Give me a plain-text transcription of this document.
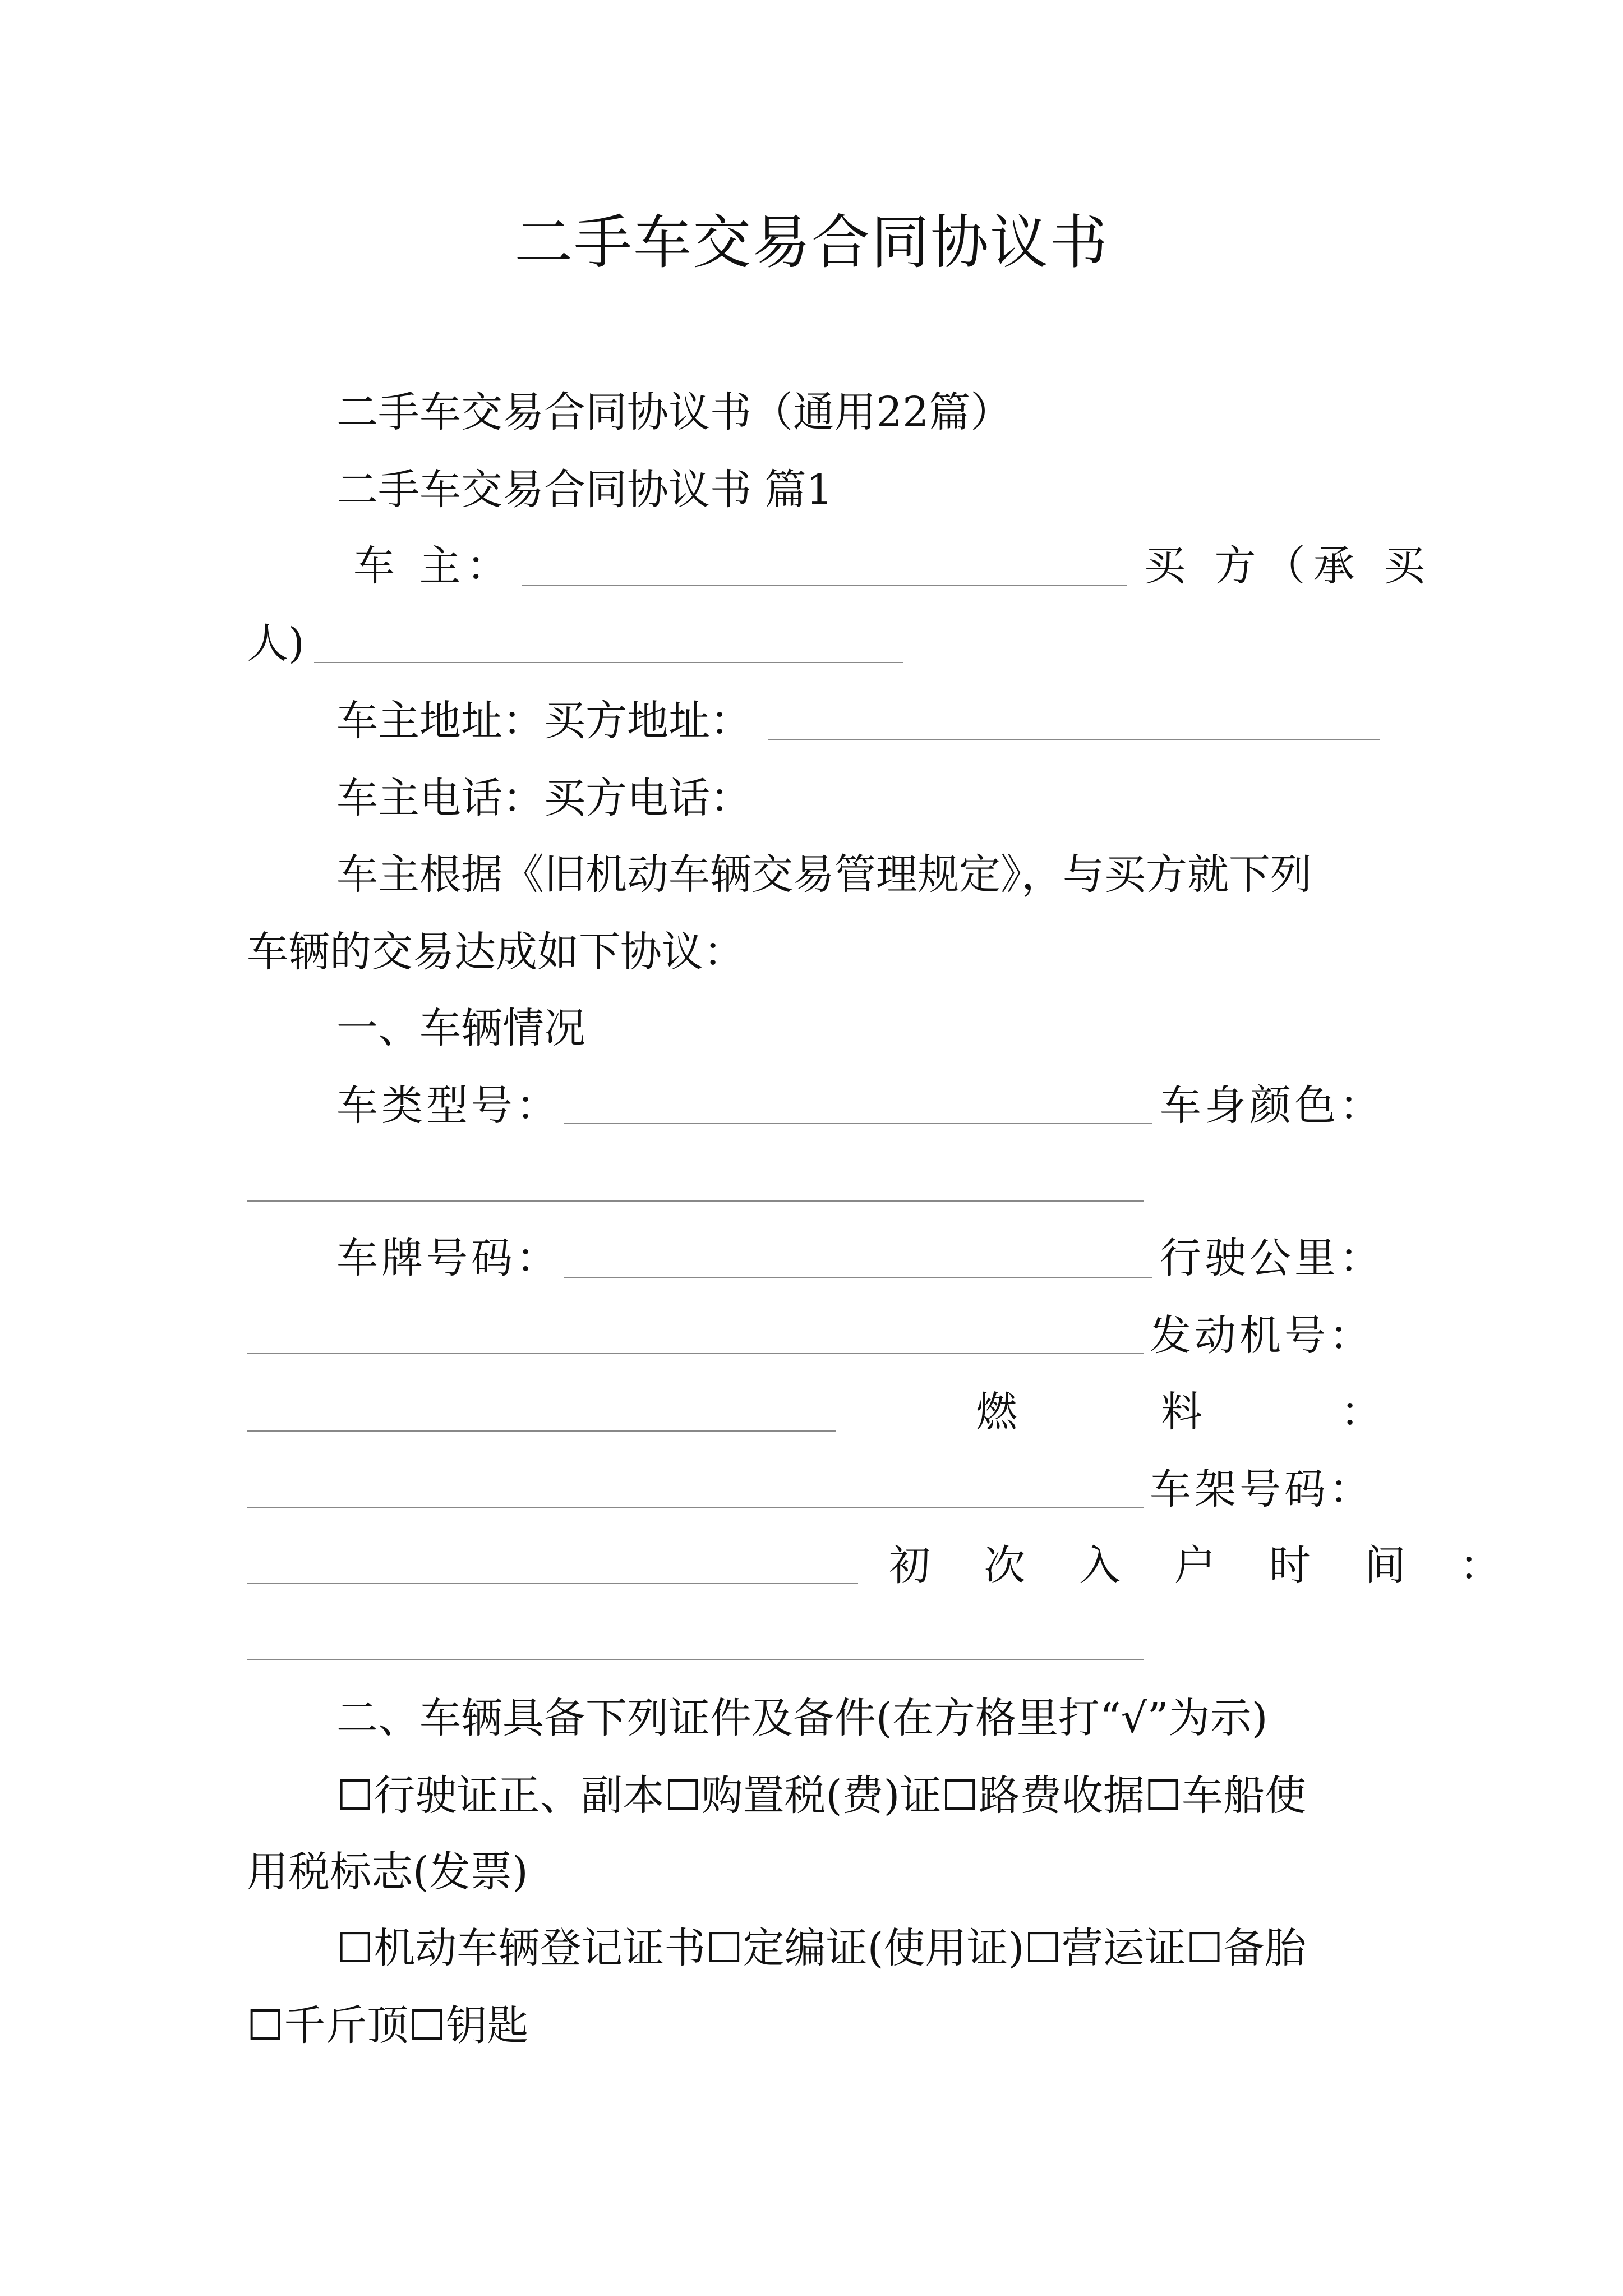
二手车交易合同协议书
二手车交易合同协议书（通用22篇）
二手车交易合同协议书 篇1
车 主：	买 方（承 买
人)
车主地址：买方地址：
车主电话：买方电话：
车主根据《旧机动车辆交易管理规定》，与买方就下列
车辆的交易达成如下协议：
一、车辆情况
车类型号：	车身颜色：
车牌号码：	行驶公里：
发动机号：
燃	料	：
车架号码：
初 次 入 户 时 间 ：
二、车辆具备下列证件及备件(在方格里打“√”为示)
☐行驶证正、副本☐购置税(费)证☐路费收据☐车船使
用税标志(发票)
☐机动车辆登记证书☐定编证(使用证)☐营运证☐备胎
☐千斤顶☐钥匙
